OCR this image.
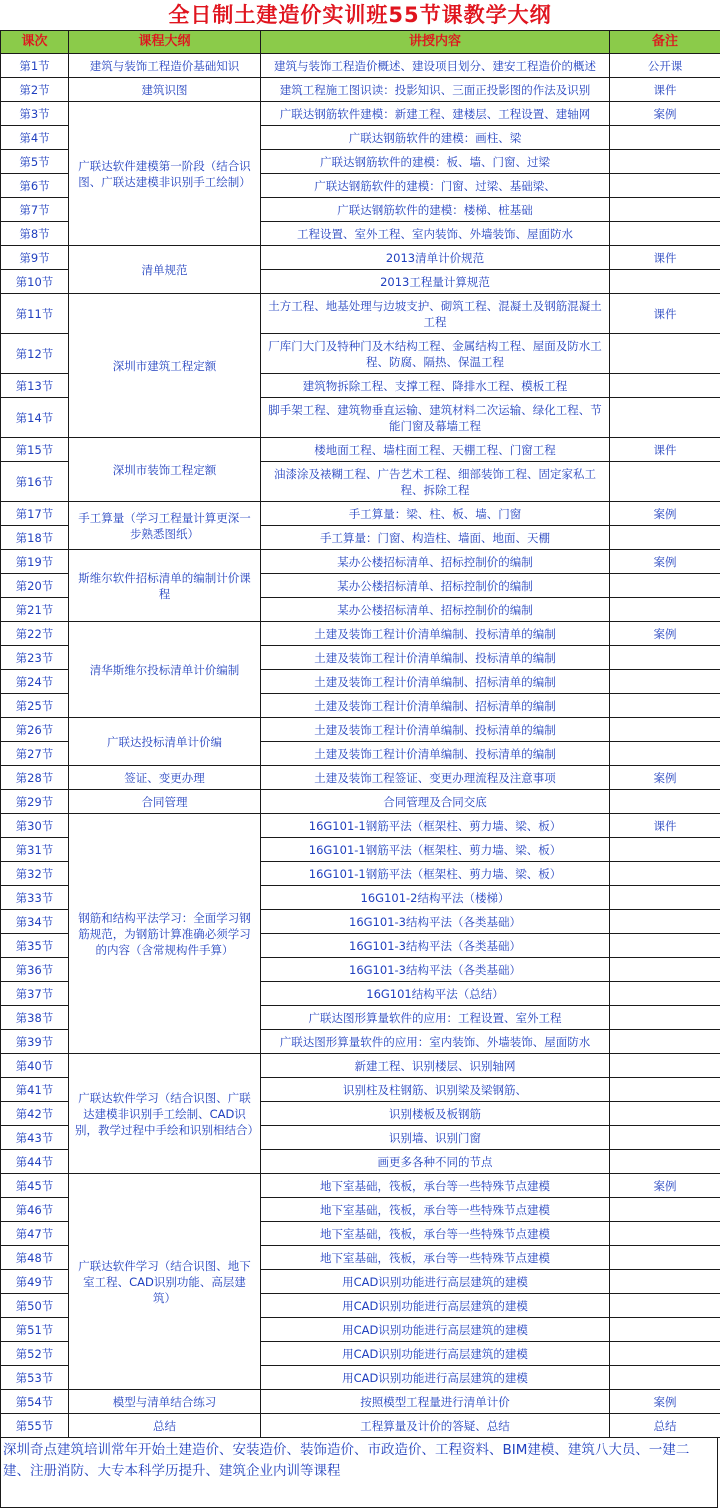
全日制土建造价实训班55节课教学大纲
课次	课程大纲	讲授内容	备注
第1节	建筑与装饰工程造价基础知识	建筑与装饰工程造价概述、建设项目划分、建安工程造价的概述	公开课
第2节	建筑识图	建筑工程施工图识读：投影知识、三面正投影图的作法及识别	课件
第3节	广联达软件建模第一阶段（结合识图、广联达建模非识别手工绘制）	广联达钢筋软件建模：新建工程、建楼层、工程设置、建轴网	案例
第4节		广联达钢筋软件的建模：画柱、梁	
第5节		广联达钢筋软件的建模：板、墙、门窗、过梁	
第6节		广联达钢筋软件的建模：门窗、过梁、基础梁、	
第7节		广联达钢筋软件的建模：楼梯、桩基础	
第8节		工程设置、室外工程、室内装饰、外墙装饰、屋面防水	
第9节	清单规范	2013清单计价规范	课件
第10节		2013工程量计算规范	
第11节	深圳市建筑工程定额	土方工程、地基处理与边坡支护、砌筑工程、混凝土及钢筋混凝土工程	课件
第12节		厂库门大门及特种门及木结构工程、金属结构工程、屋面及防水工程、防腐、隔热、保温工程	
第13节		建筑物拆除工程、支撑工程、降排水工程、模板工程	
第14节		脚手架工程、建筑物垂直运输、建筑材料二次运输、绿化工程、节能门窗及幕墙工程	
第15节	深圳市装饰工程定额	楼地面工程、墙柱面工程、天棚工程、门窗工程	课件
第16节		油漆涂及裱糊工程、广告艺术工程、细部装饰工程、固定家私工程、拆除工程	
第17节	手工算量（学习工程量计算更深一步熟悉图纸）	手工算量：梁、柱、板、墙、门窗	案例
第18节		手工算量：门窗、构造柱、墙面、地面、天棚	
第19节	斯维尔软件招标清单的编制计价课程	某办公楼招标清单、招标控制价的编制	案例
第20节		某办公楼招标清单、招标控制价的编制	
第21节		某办公楼招标清单、招标控制价的编制	
第22节	清华斯维尔投标清单计价编制	土建及装饰工程计价清单编制、投标清单的编制	案例
第23节		土建及装饰工程计价清单编制、投标清单的编制	
第24节		土建及装饰工程计价清单编制、招标清单的编制	
第25节		土建及装饰工程计价清单编制、招标清单的编制	
第26节	广联达投标清单计价编	土建及装饰工程计价清单编制、投标清单的编制	
第27节		土建及装饰工程计价清单编制、投标清单的编制	
第28节	签证、变更办理	土建及装饰工程签证、变更办理流程及注意事项	案例
第29节	合同管理	合同管理及合同交底	
第30节	钢筋和结构平法学习：全面学习钢筋规范，为钢筋计算准确必须学习的内容（含常规构件手算）	16G101-1钢筋平法（框架柱、剪力墙、梁、板）	课件
第31节		16G101-1钢筋平法（框架柱、剪力墙、梁、板）	
第32节		16G101-1钢筋平法（框架柱、剪力墙、梁、板）	
第33节		16G101-2结构平法（楼梯）	
第34节		16G101-3结构平法（各类基础）	
第35节		16G101-3结构平法（各类基础）	
第36节		16G101-3结构平法（各类基础）	
第37节		16G101结构平法（总结）	
第38节		广联达图形算量软件的应用：工程设置、室外工程	
第39节		广联达图形算量软件的应用：室内装饰、外墙装饰、屋面防水	
第40节	广联达软件学习（结合识图、广联达建模非识别手工绘制、CAD识别，教学过程中手绘和识别相结合）	新建工程、识别楼层、识别轴网	
第41节		识别柱及柱钢筋、识别梁及梁钢筋、	
第42节		识别楼板及板钢筋	
第43节		识别墙、识别门窗	
第44节		画更多各种不同的节点	
第45节	广联达软件学习（结合识图、地下室工程、CAD识别功能、高层建筑）	地下室基础，筏板，承台等一些特殊节点建模	案例
第46节		地下室基础，筏板，承台等一些特殊节点建模	
第47节		地下室基础，筏板，承台等一些特殊节点建模	
第48节		地下室基础，筏板，承台等一些特殊节点建模	
第49节		用CAD识别功能进行高层建筑的建模	
第50节		用CAD识别功能进行高层建筑的建模	
第51节		用CAD识别功能进行高层建筑的建模	
第52节		用CAD识别功能进行高层建筑的建模	
第53节		用CAD识别功能进行高层建筑的建模	
第54节	模型与清单结合练习	按照模型工程量进行清单计价	案例
第55节	总结	工程算量及计价的答疑、总结	总结
深圳奇点建筑培训常年开始土建造价、安装造价、装饰造价、市政造价、工程资料、BIM建模、建筑八大员、一建二建、注册消防、大专本科学历提升、建筑企业内训等课程
